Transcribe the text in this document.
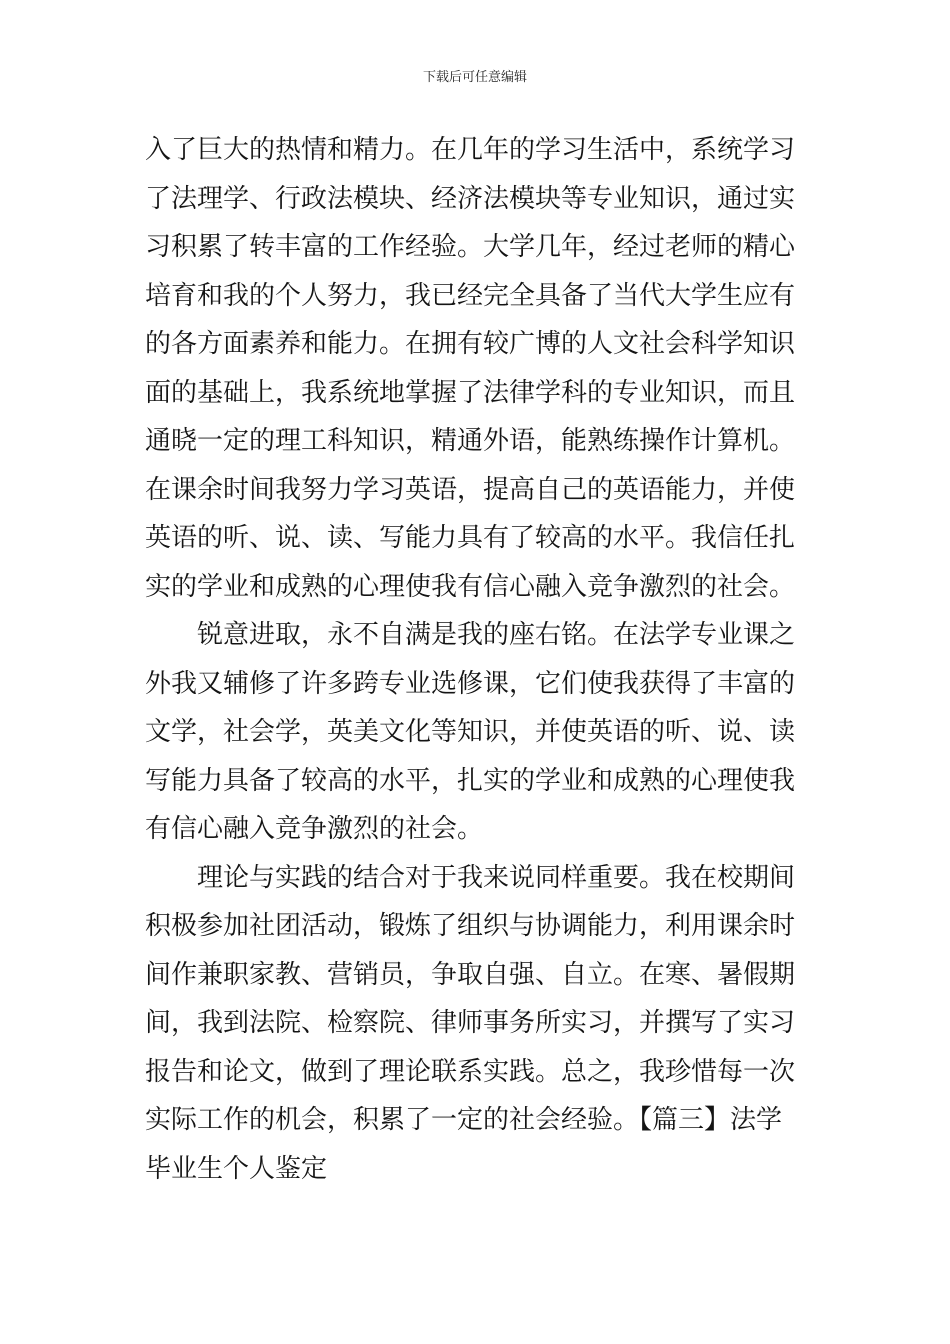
下载后可任意编辑
入了巨大的热情和精力。在几年的学习生活中，系统学习
了法理学、行政法模块、经济法模块等专业知识，通过实
习积累了转丰富的工作经验。大学几年，经过老师的精心
培育和我的个人努力，我已经完全具备了当代大学生应有
的各方面素养和能力。在拥有较广博的人文社会科学知识
面的基础上，我系统地掌握了法律学科的专业知识，而且
通晓一定的理工科知识，精通外语，能熟练操作计算机。
在课余时间我努力学习英语，提高自己的英语能力，并使
英语的听、说、读、写能力具有了较高的水平。我信任扎
实的学业和成熟的心理使我有信心融入竞争激烈的社会。
锐意进取，永不自满是我的座右铭。在法学专业课之
外我又辅修了许多跨专业选修课，它们使我获得了丰富的
文学，社会学，英美文化等知识，并使英语的听、说、读
写能力具备了较高的水平，扎实的学业和成熟的心理使我
有信心融入竞争激烈的社会。
理论与实践的结合对于我来说同样重要。我在校期间
积极参加社团活动，锻炼了组织与协调能力，利用课余时
间作兼职家教、营销员，争取自强、自立。在寒、暑假期
间，我到法院、检察院、律师事务所实习，并撰写了实习
报告和论文，做到了理论联系实践。总之，我珍惜每一次
实际工作的机会，积累了一定的社会经验。【篇三】法学
毕业生个人鉴定
